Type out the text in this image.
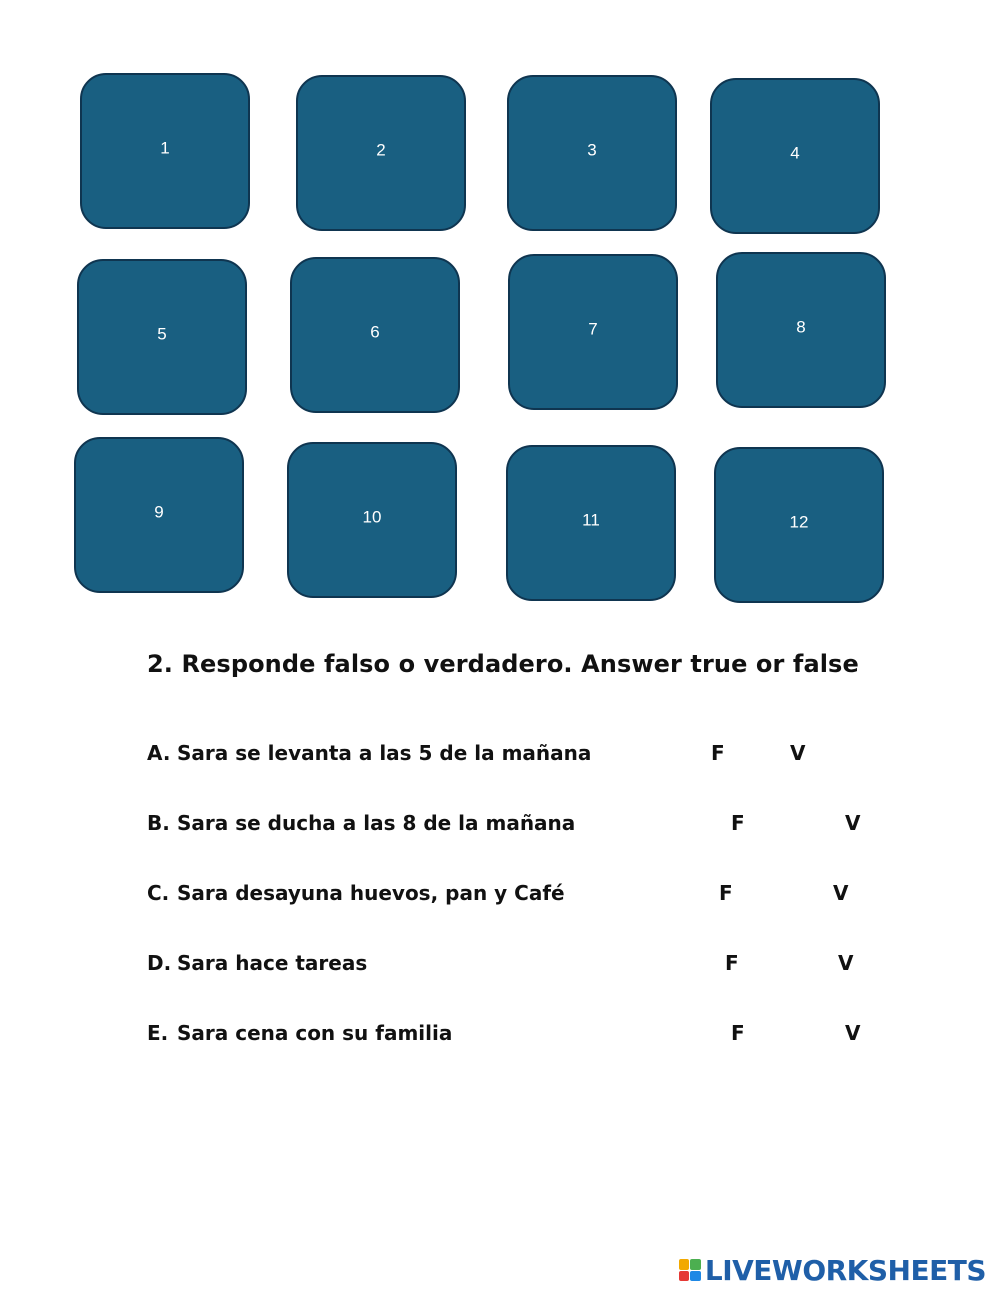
1	2	3	4
5	6	7	8
9	10	11	12
2. Responde falso o verdadero. Answer true or false
A. Sara se levanta a las 5 de la mañana	F	V
B. Sara se ducha a las 8 de la mañana	F	V
C. Sara desayuna huevos, pan y Café	F	V
D. Sara hace tareas	F	V
E. Sara cena con su familia	F	V
LIVEWORKSHEETS
